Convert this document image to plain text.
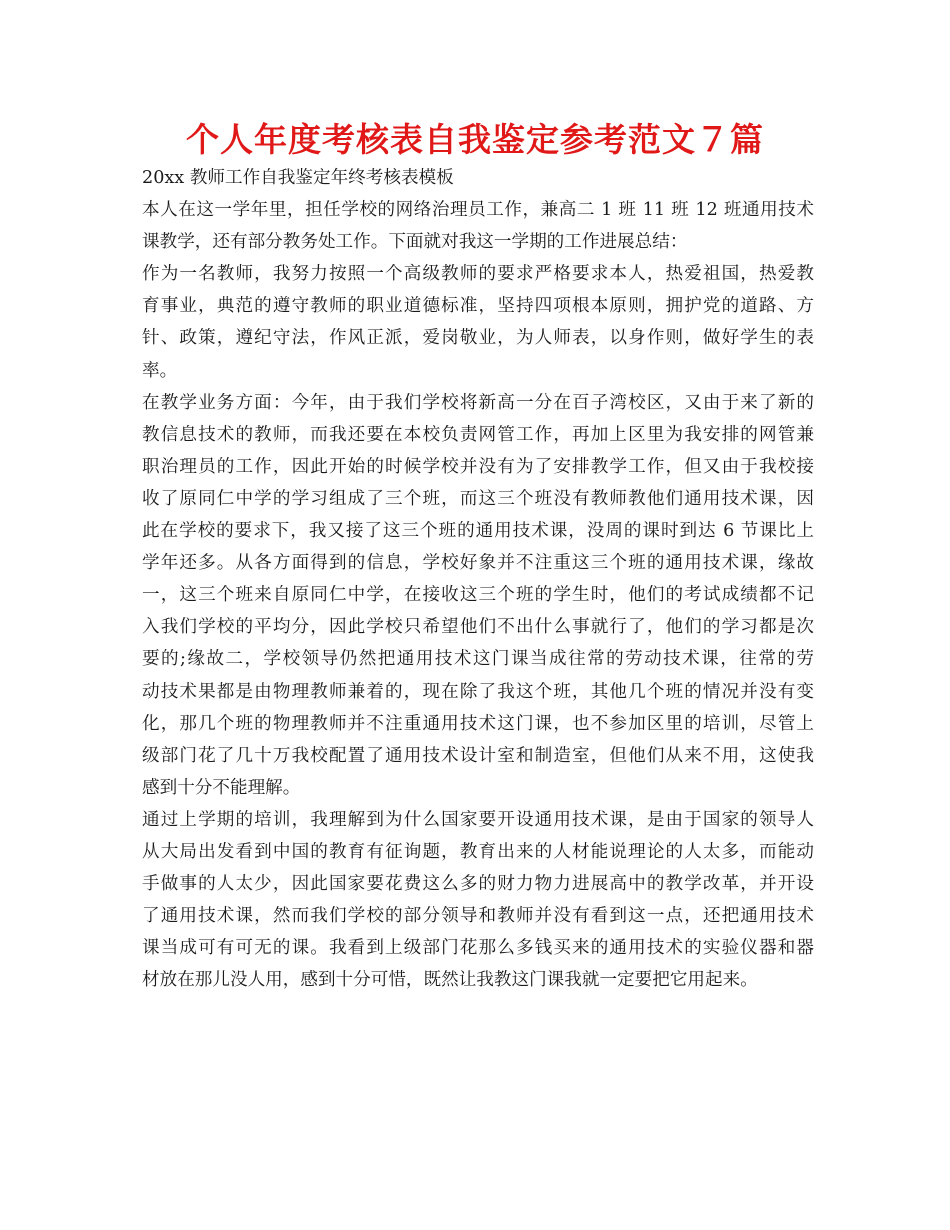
个人年度考核表自我鉴定参考范文７篇
20xx 教师工作自我鉴定年终考核表模板
本人在这一学年里，担任学校的网络治理员工作，兼高二 1 班 11 班 12 班通用技术
课教学，还有部分教务处工作。下面就对我这一学期的工作进展总结：
作为一名教师，我努力按照一个高级教师的要求严格要求本人，热爱祖国，热爱教
育事业，典范的遵守教师的职业道德标准，坚持四项根本原则，拥护党的道路、方
针、政策，遵纪守法，作风正派，爱岗敬业，为人师表，以身作则，做好学生的表
率。
在教学业务方面：今年，由于我们学校将新高一分在百子湾校区，又由于来了新的
教信息技术的教师，而我还要在本校负责网管工作，再加上区里为我安排的网管兼
职治理员的工作，因此开始的时候学校并没有为了安排教学工作，但又由于我校接
收了原同仁中学的学习组成了三个班，而这三个班没有教师教他们通用技术课，因
此在学校的要求下，我又接了这三个班的通用技术课，没周的课时到达 6 节课比上
学年还多。从各方面得到的信息，学校好象并不注重这三个班的通用技术课，缘故
一，这三个班来自原同仁中学，在接收这三个班的学生时，他们的考试成绩都不记
入我们学校的平均分，因此学校只希望他们不出什么事就行了，他们的学习都是次
要的;缘故二，学校领导仍然把通用技术这门课当成往常的劳动技术课，往常的劳
动技术果都是由物理教师兼着的，现在除了我这个班，其他几个班的情况并没有变
化，那几个班的物理教师并不注重通用技术这门课，也不参加区里的培训，尽管上
级部门花了几十万我校配置了通用技术设计室和制造室，但他们从来不用，这使我
感到十分不能理解。
通过上学期的培训，我理解到为什么国家要开设通用技术课，是由于国家的领导人
从大局出发看到中国的教育有征询题，教育出来的人材能说理论的人太多，而能动
手做事的人太少，因此国家要花费这么多的财力物力进展高中的教学改革，并开设
了通用技术课，然而我们学校的部分领导和教师并没有看到这一点，还把通用技术
课当成可有可无的课。我看到上级部门花那么多钱买来的通用技术的实验仪器和器
材放在那儿没人用，感到十分可惜，既然让我教这门课我就一定要把它用起来。
